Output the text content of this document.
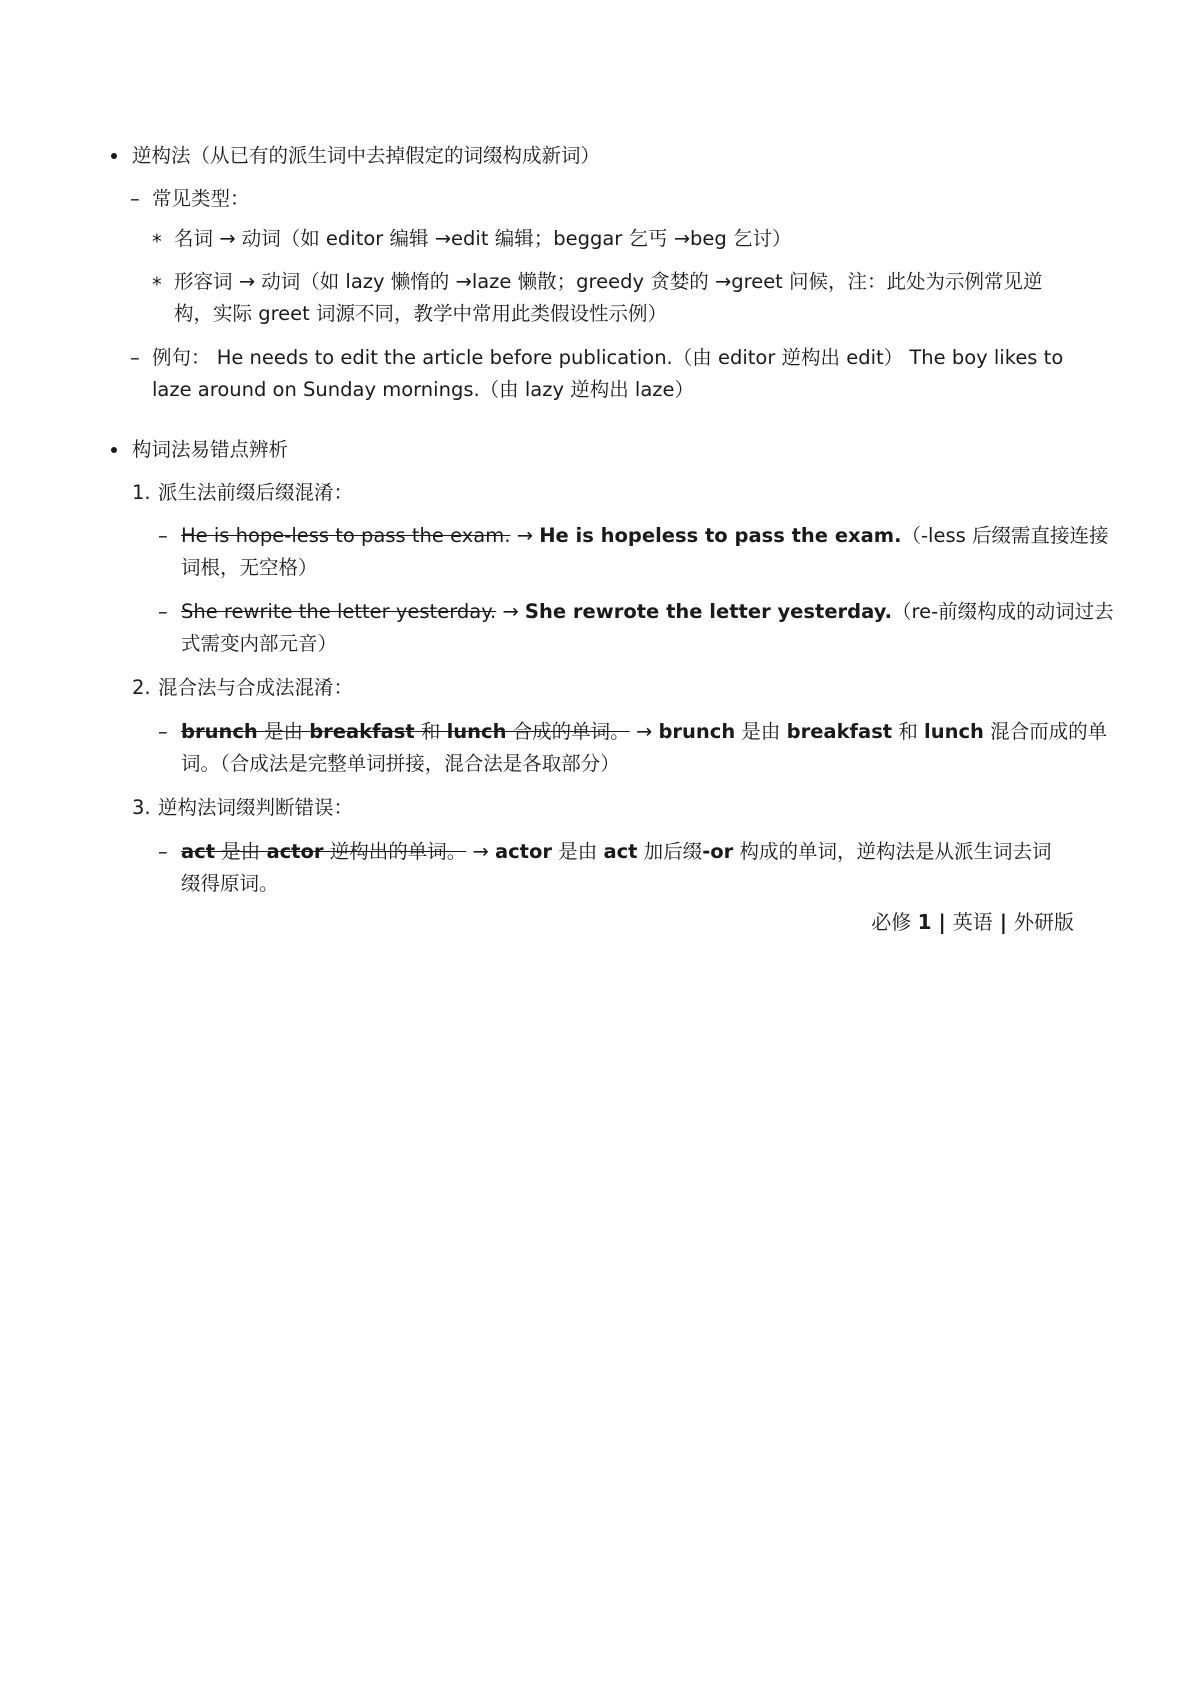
逆构法（从已有的派生词中去掉假定的词缀构成新词）
– 常见类型：
* 名词 → 动词（如 editor 编辑 →edit 编辑；beggar 乞丐 →beg 乞讨）
* 形容词 → 动词（如 lazy 懒惰的 →laze 懒散；greedy 贪婪的 →greet 问候，注：此处为示例常见逆
构，实际 greet 词源不同，教学中常用此类假设性示例）
– 例句： He needs to edit the article before publication.（由 editor 逆构出 edit） The boy likes to
laze around on Sunday mornings.（由 lazy 逆构出 laze）
构词法易错点辨析
1. 派生法前缀后缀混淆：
– He is hope-less to pass the exam. → He is hopeless to pass the exam.（-less 后缀需直接连接
词根，无空格）
– She rewrite the letter yesterday. → She rewrote the letter yesterday.（re-前缀构成的动词过去
式需变内部元音）
2. 混合法与合成法混淆：
– brunch 是由 breakfast 和 lunch 合成的单词。 → brunch 是由 breakfast 和 lunch 混合而成的单
词。（合成法是完整单词拼接，混合法是各取部分）
3. 逆构法词缀判断错误：
– act 是由 actor 逆构出的单词。 → actor 是由 act 加后缀-or 构成的单词，逆构法是从派生词去词
缀得原词。
必修 1 | 英语 | 外研版
